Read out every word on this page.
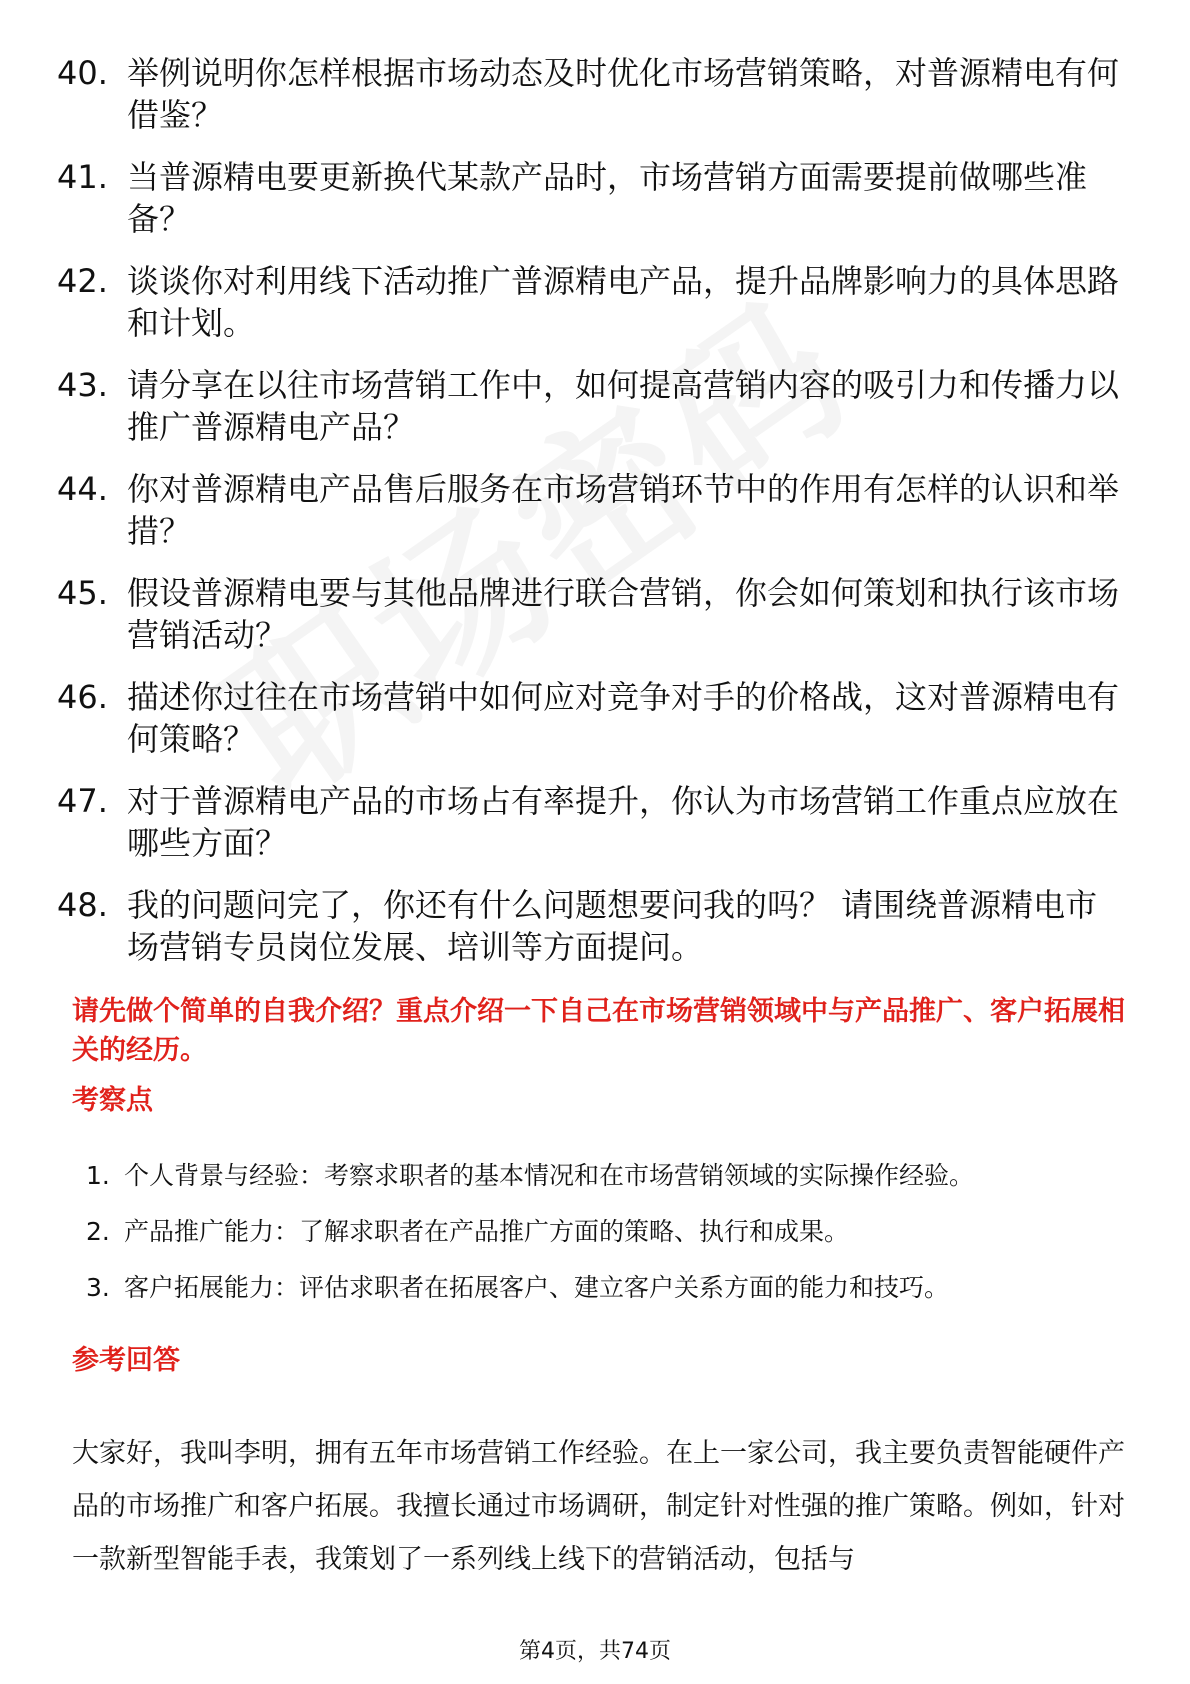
40. 举例说明你怎样根据市场动态及时优化市场营销策略，对普源精电有何借鉴？
41. 当普源精电要更新换代某款产品时，市场营销方面需要提前做哪些准备？
42. 谈谈你对利用线下活动推广普源精电产品，提升品牌影响力的具体思路和计划。
43. 请分享在以往市场营销工作中，如何提高营销内容的吸引力和传播力以推广普源精电产品？
44. 你对普源精电产品售后服务在市场营销环节中的作用有怎样的认识和举措？
45. 假设普源精电要与其他品牌进行联合营销，你会如何策划和执行该市场营销活动？
46. 描述你过往在市场营销中如何应对竞争对手的价格战，这对普源精电有何策略？
47. 对于普源精电产品的市场占有率提升，你认为市场营销工作重点应放在哪些方面？
48. 我的问题问完了，你还有什么问题想要问我的吗？ 请围绕普源精电市场营销专员岗位发展、培训等方面提问。
请先做个简单的自我介绍？重点介绍一下自己在市场营销领域中与产品推广、客户拓展相关的经历。
考察点
1. 个人背景与经验：考察求职者的基本情况和在市场营销领域的实际操作经验。
2. 产品推广能力：了解求职者在产品推广方面的策略、执行和成果。
3. 客户拓展能力：评估求职者在拓展客户、建立客户关系方面的能力和技巧。
参考回答
大家好，我叫李明，拥有五年市场营销工作经验。在上一家公司，我主要负责智能硬件产品的市场推广和客户拓展。我擅长通过市场调研，制定针对性强的推广策略。例如，针对一款新型智能手表，我策划了一系列线上线下的营销活动，包括与
第4页，共74页
